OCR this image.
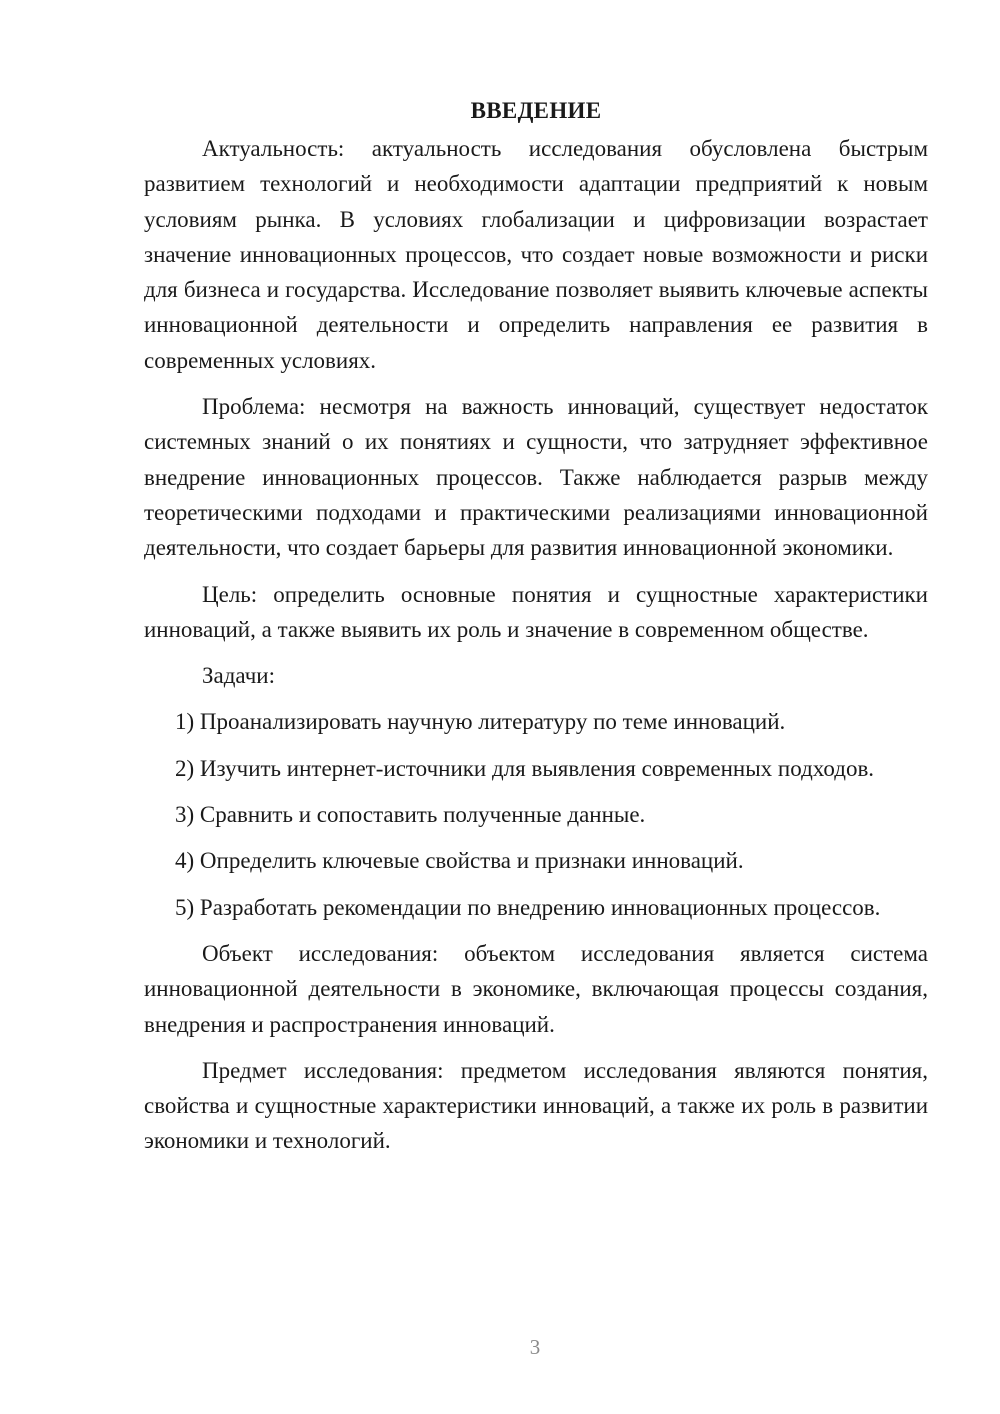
ВВЕДЕНИЕ

Актуальность: актуальность исследования обусловлена быстрым развитием технологий и необходимости адаптации предприятий к новым условиям рынка. В условиях глобализации и цифровизации возрастает значение инновационных процессов, что создает новые возможности и риски для бизнеса и государства. Исследование позволяет выявить ключевые аспекты инновационной деятельности и определить направления ее развития в современных условиях.

Проблема: несмотря на важность инноваций, существует недостаток системных знаний о их понятиях и сущности, что затрудняет эффективное внедрение инновационных процессов. Также наблюдается разрыв между теоретическими подходами и практическими реализациями инновационной деятельности, что создает барьеры для развития инновационной экономики.

Цель: определить основные понятия и сущностные характеристики инноваций, а также выявить их роль и значение в современном обществе.

Задачи:

1) Проанализировать научную литературу по теме инноваций.

2) Изучить интернет-источники для выявления современных подходов.

3) Сравнить и сопоставить полученные данные.

4) Определить ключевые свойства и признаки инноваций.

5) Разработать рекомендации по внедрению инновационных процессов.

Объект исследования: объектом исследования является система инновационной деятельности в экономике, включающая процессы создания, внедрения и распространения инноваций.

Предмет исследования: предметом исследования являются понятия, свойства и сущностные характеристики инноваций, а также их роль в развитии экономики и технологий.

3
